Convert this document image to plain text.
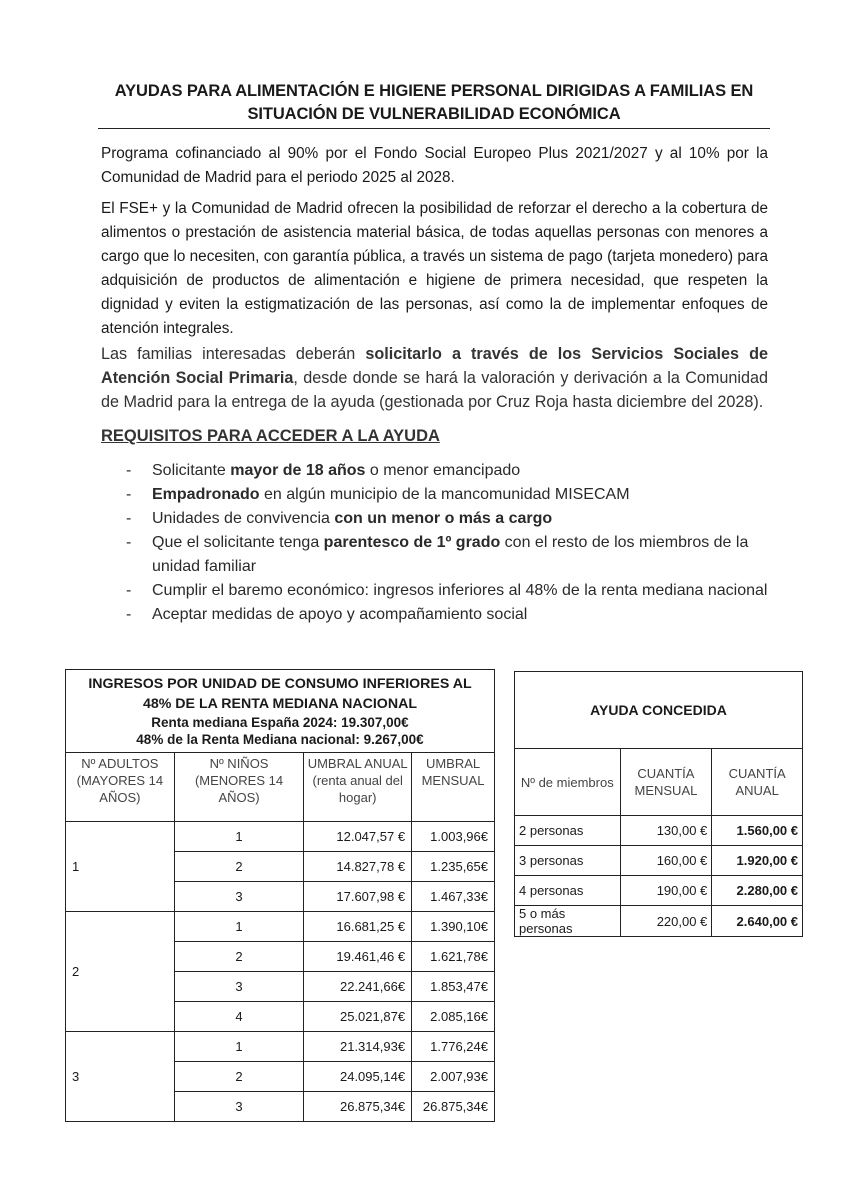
AYUDAS PARA ALIMENTACIÓN E HIGIENE PERSONAL DIRIGIDAS A FAMILIAS EN
SITUACIÓN DE VULNERABILIDAD ECONÓMICA

Programa cofinanciado al 90% por el Fondo Social Europeo Plus 2021/2027 y al 10% por la Comunidad de Madrid para el periodo 2025 al 2028.

El FSE+ y la Comunidad de Madrid ofrecen la posibilidad de reforzar el derecho a la cobertura de alimentos o prestación de asistencia material básica, de todas aquellas personas con menores a cargo que lo necesiten, con garantía pública, a través un sistema de pago (tarjeta monedero) para adquisición de productos de alimentación e higiene de primera necesidad, que respeten la dignidad y eviten la estigmatización de las personas, así como la de implementar enfoques de atención integrales.

Las familias interesadas deberán solicitarlo a través de los Servicios Sociales de Atención Social Primaria, desde donde se hará la valoración y derivación a la Comunidad de Madrid para la entrega de la ayuda (gestionada por Cruz Roja hasta diciembre del 2028).

REQUISITOS PARA ACCEDER A LA AYUDA
- Solicitante mayor de 18 años o menor emancipado
- Empadronado en algún municipio de la mancomunidad MISECAM
- Unidades de convivencia con un menor o más a cargo
- Que el solicitante tenga parentesco de 1º grado con el resto de los miembros de la unidad familiar
- Cumplir el baremo económico: ingresos inferiores al 48% de la renta mediana nacional
- Aceptar medidas de apoyo y acompañamiento social
INGRESOS POR UNIDAD DE CONSUMO INFERIORES AL
48% DE LA RENTA MEDIANA NACIONAL
Renta mediana España 2024: 19.307,00€
48% de la Renta Mediana nacional: 9.267,00€			

Nº ADULTOS (MAYORES 14 AÑOS)	Nº NIÑOS (MENORES 14 AÑOS)	UMBRAL ANUAL (renta anual del hogar)	UMBRAL MENSUAL
1	1	12.047,57 €	1.003,96€
	2	14.827,78 €	1.235,65€
	3	17.607,98 €	1.467,33€
2	1	16.681,25 €	1.390,10€
	2	19.461,46 €	1.621,78€
	3	22.241,66€	1.853,47€
	4	25.021,87€	2.085,16€
3	1	21.314,93€	1.776,24€
	2	24.095,14€	2.007,93€
	3	26.875,34€	26.875,34€
AYUDA CONCEDIDA		
Nº de miembros	CUANTÍA MENSUAL	CUANTÍA ANUAL
2 personas	130,00 €	1.560,00 €
3 personas	160,00 €	1.920,00 €
4 personas	190,00 €	2.280,00 €
5 o más personas	220,00 €	2.640,00 €
